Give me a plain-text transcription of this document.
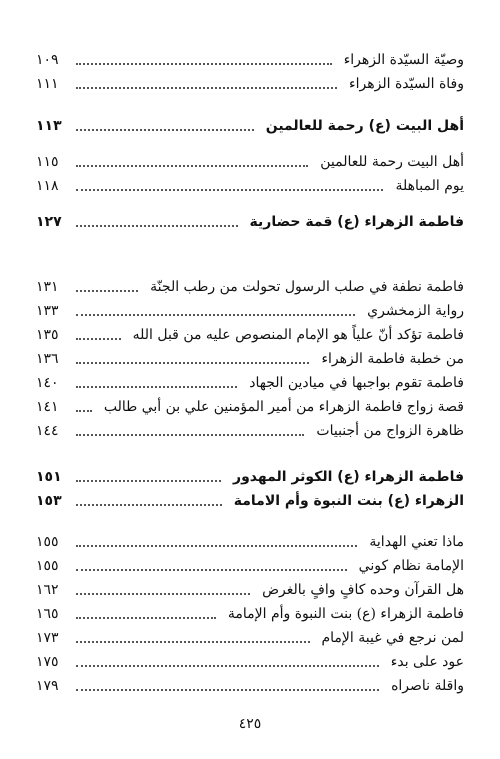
وصيّة السيّدة الزهراء
١٠٩
وفاة السيّدة الزهراء
١١١
أهل البيت (ع) رحمة للعالمين
١١٣
أهل البيت رحمة للعالمين
١١٥
يوم المباهلة
١١٨
فاطمة الزهراء (ع) قمة حضارية
١٢٧
فاطمة نطفة في صلب الرسول تحولت من رطب الجنّة
١٣١
رواية الزمخشري
١٣٣
فاطمة تؤكد أنّ علياً هو الإمام المنصوص عليه من قبل الله
١٣٥
من خطبة فاطمة الزهراء
١٣٦
فاطمة تقوم بواجبها في ميادين الجهاد
١٤٠
قصة زواج فاطمة الزهراء من أمير المؤمنين علي بن أبي طالب
١٤١
ظاهرة الزواج من أجنبيات
١٤٤
فاطمة الزهراء (ع) الكوثر المهدور
١٥١
الزهراء (ع) بنت النبوة وأم الامامة
١٥٣
ماذا تعني الهداية
١٥٥
الإمامة نظام كوني
١٥٥
هل القرآن وحده كافٍ وافٍ بالغرض
١٦٢
فاطمة الزهراء (ع) بنت النبوة وأم الإمامة
١٦٥
لمن نرجع في غيبة الإمام
١٧٣
عود على بدء
١٧٥
واقلة ناصراه
١٧٩
٤٢٥
